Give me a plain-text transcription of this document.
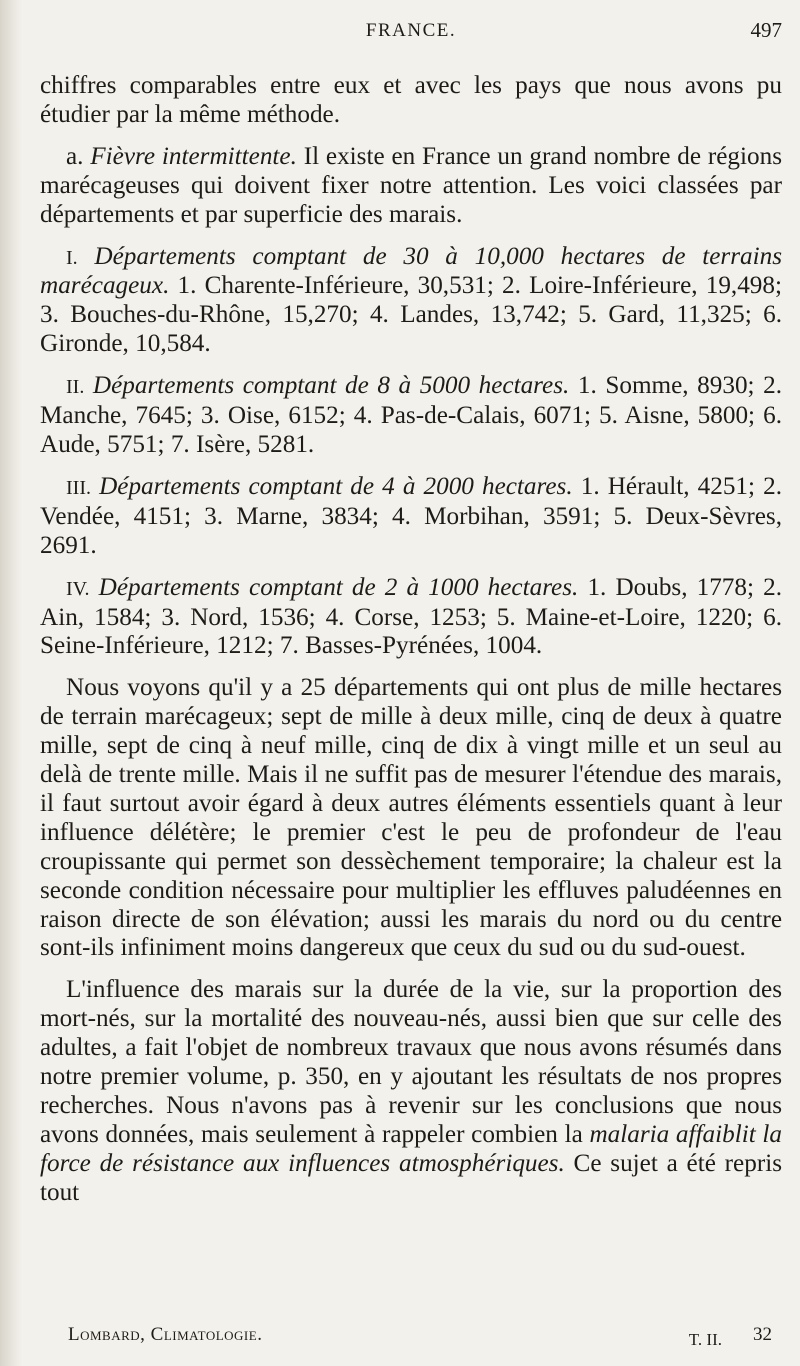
FRANCE.	497

chiffres comparables entre eux et avec les pays que nous avons pu étudier par la même méthode.

a. Fièvre intermittente. Il existe en France un grand nombre de régions marécageuses qui doivent fixer notre attention. Les voici classées par départements et par superficie des marais.

I. Départements comptant de 30 à 10,000 hectares de terrains marécageux. 1. Charente-Inférieure, 30,531; 2. Loire-Inférieure, 19,498; 3. Bouches-du-Rhône, 15,270; 4. Landes, 13,742; 5. Gard, 11,325; 6. Gironde, 10,584.

II. Départements comptant de 8 à 5000 hectares. 1. Somme, 8930; 2. Manche, 7645; 3. Oise, 6152; 4. Pas-de-Calais, 6071; 5. Aisne, 5800; 6. Aude, 5751; 7. Isère, 5281.

III. Départements comptant de 4 à 2000 hectares. 1. Hérault, 4251; 2. Vendée, 4151; 3. Marne, 3834; 4. Morbihan, 3591; 5. Deux-Sèvres, 2691.

IV. Départements comptant de 2 à 1000 hectares. 1. Doubs, 1778; 2. Ain, 1584; 3. Nord, 1536; 4. Corse, 1253; 5. Maine-et-Loire, 1220; 6. Seine-Inférieure, 1212; 7. Basses-Pyrénées, 1004.

Nous voyons qu'il y a 25 départements qui ont plus de mille hectares de terrain marécageux; sept de mille à deux mille, cinq de deux à quatre mille, sept de cinq à neuf mille, cinq de dix à vingt mille et un seul au delà de trente mille. Mais il ne suffit pas de mesurer l'étendue des marais, il faut surtout avoir égard à deux autres éléments essentiels quant à leur influence délétère; le premier c'est le peu de profondeur de l'eau croupissante qui permet son dessèchement temporaire; la chaleur est la seconde condition nécessaire pour multiplier les effluves paludéennes en raison directe de son élévation; aussi les marais du nord ou du centre sont-ils infiniment moins dangereux que ceux du sud ou du sud-ouest.

L'influence des marais sur la durée de la vie, sur la proportion des mort-nés, sur la mortalité des nouveau-nés, aussi bien que sur celle des adultes, a fait l'objet de nombreux travaux que nous avons résumés dans notre premier volume, p. 350, en y ajoutant les résultats de nos propres recherches. Nous n'avons pas à revenir sur les conclusions que nous avons données, mais seulement à rappeler combien la malaria affaiblit la force de résistance aux influences atmosphériques. Ce sujet a été repris tout

Lombard, Climatologie.	T. II. 32
